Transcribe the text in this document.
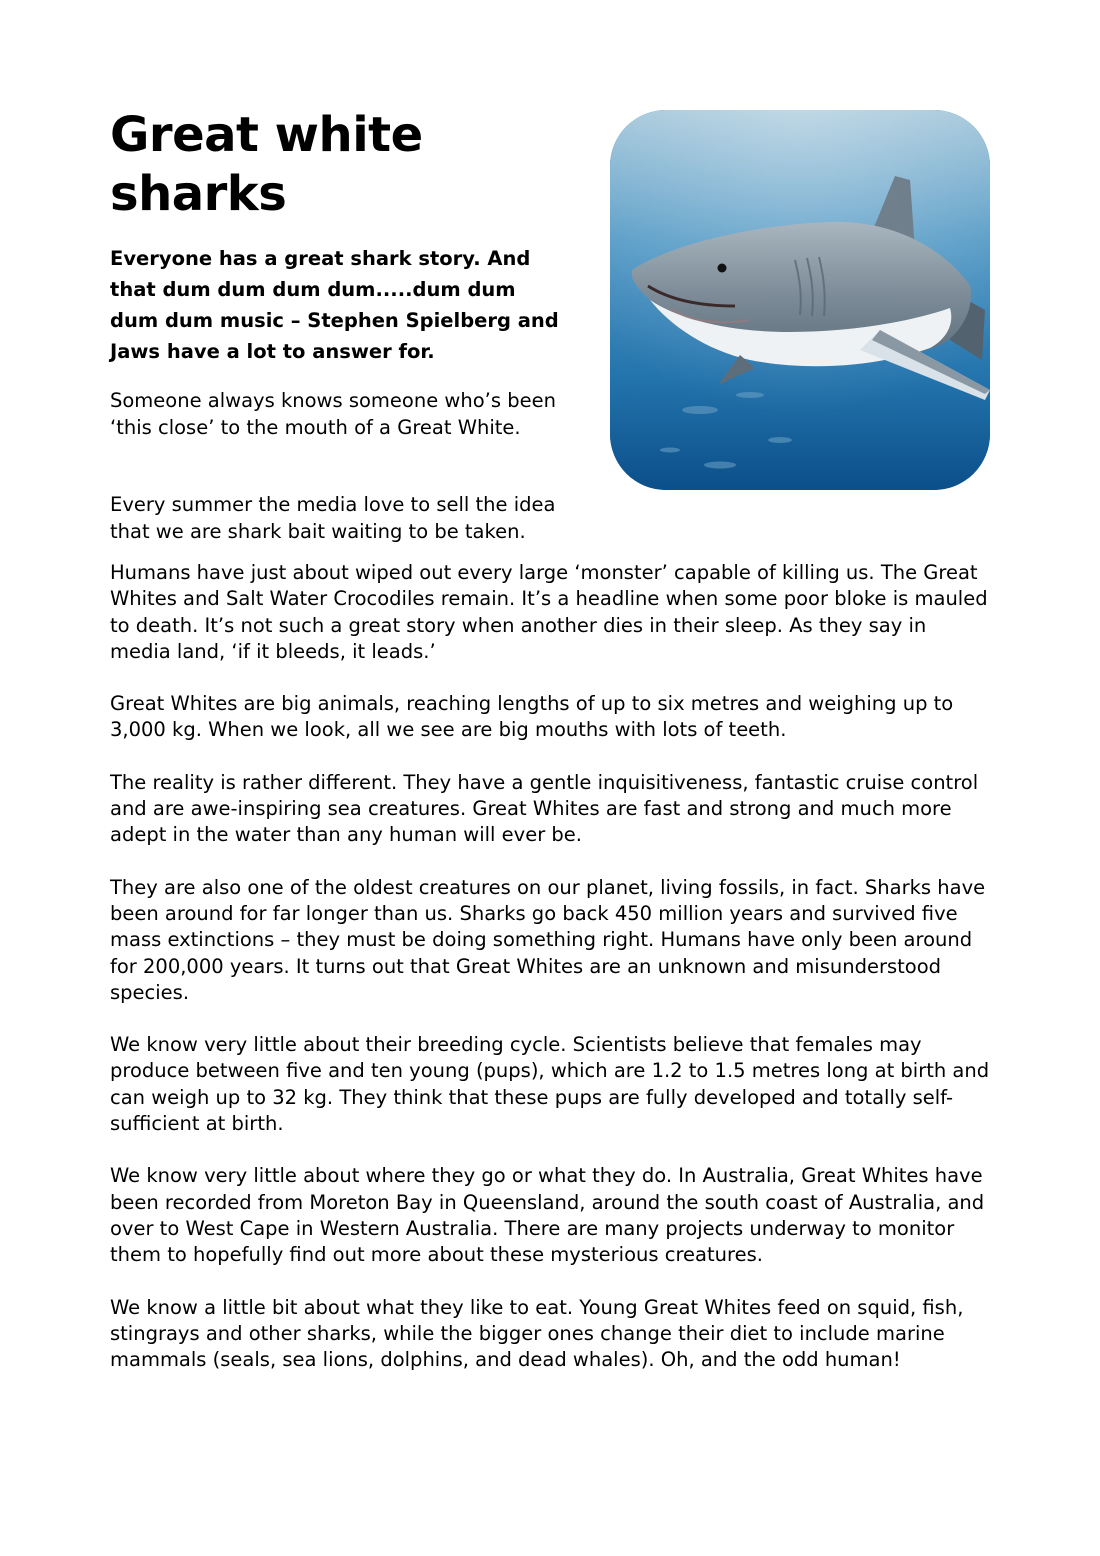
Great white sharks

Everyone has a great shark story. And that dum dum dum dum.....dum dum dum dum music – Stephen Spielberg and Jaws have a lot to answer for.

Someone always knows someone who’s been ‘this close’ to the mouth of a Great White.

Every summer the media love to sell the idea that we are shark bait waiting to be taken.

Humans have just about wiped out every large ‘monster’ capable of killing us. The Great Whites and Salt Water Crocodiles remain. It’s a headline when some poor bloke is mauled to death. It’s not such a great story when another dies in their sleep. As they say in media land, ‘if it bleeds, it leads.’

Great Whites are big animals, reaching lengths of up to six metres and weighing up to 3,000 kg. When we look, all we see are big mouths with lots of teeth.

The reality is rather different. They have a gentle inquisitiveness, fantastic cruise control and are awe-inspiring sea creatures. Great Whites are fast and strong and much more adept in the water than any human will ever be.

They are also one of the oldest creatures on our planet, living fossils, in fact. Sharks have been around for far longer than us. Sharks go back 450 million years and survived five mass extinctions – they must be doing something right. Humans have only been around for 200,000 years. It turns out that Great Whites are an unknown and misunderstood species.

We know very little about their breeding cycle. Scientists believe that females may produce between five and ten young (pups), which are 1.2 to 1.5 metres long at birth and can weigh up to 32 kg. They think that these pups are fully developed and totally self-sufficient at birth.

We know very little about where they go or what they do. In Australia, Great Whites have been recorded from Moreton Bay in Queensland, around the south coast of Australia, and over to West Cape in Western Australia. There are many projects underway to monitor them to hopefully find out more about these mysterious creatures.

We know a little bit about what they like to eat. Young Great Whites feed on squid, fish, stingrays and other sharks, while the bigger ones change their diet to include marine mammals (seals, sea lions, dolphins, and dead whales). Oh, and the odd human!
